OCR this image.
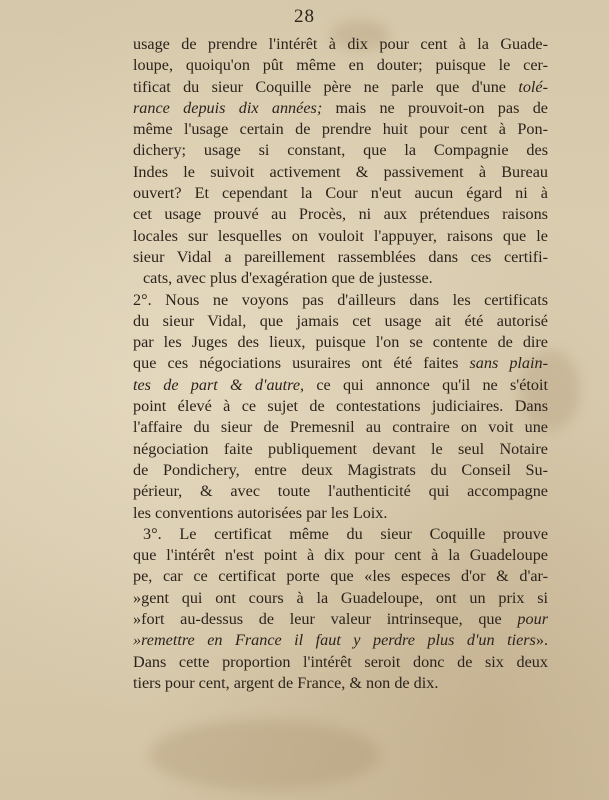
28
usage de prendre l'intérêt à dix pour cent à la Guade-
loupe, quoiqu'on pût même en douter; puisque le cer-
tificat du sieur Coquille père ne parle que d'une tolé-
rance depuis dix années; mais ne prouvoit-on pas de
même l'usage certain de prendre huit pour cent à Pon-
dichery; usage si constant, que la Compagnie des
Indes le suivoit activement & passivement à Bureau
ouvert? Et cependant la Cour n'eut aucun égard ni à
cet usage prouvé au Procès, ni aux prétendues raisons
locales sur lesquelles on vouloit l'appuyer, raisons que le
sieur Vidal a pareillement rassemblées dans ces certifi-
cats, avec plus d'exagération que de justesse.
2°. Nous ne voyons pas d'ailleurs dans les certificats
du sieur Vidal, que jamais cet usage ait été autorisé
par les Juges des lieux, puisque l'on se contente de dire
que ces négociations usuraires ont été faites sans plain-
tes de part & d'autre, ce qui annonce qu'il ne s'étoit
point élevé à ce sujet de contestations judiciaires. Dans
l'affaire du sieur de Premesnil au contraire on voit une
négociation faite publiquement devant le seul Notaire
de Pondichery, entre deux Magistrats du Conseil Su-
périeur, & avec toute l'authenticité qui accompagne
les conventions autorisées par les Loix.
3°. Le certificat même du sieur Coquille prouve
que l'intérêt n'est point à dix pour cent à la Guadeloupe
pe, car ce certificat porte que «les especes d'or & d'ar-
»gent qui ont cours à la Guadeloupe, ont un prix si
»fort au-dessus de leur valeur intrinseque, que pour
»remettre en France il faut y perdre plus d'un tiers».
Dans cette proportion l'intérêt seroit donc de six deux
tiers pour cent, argent de France, & non de dix.
